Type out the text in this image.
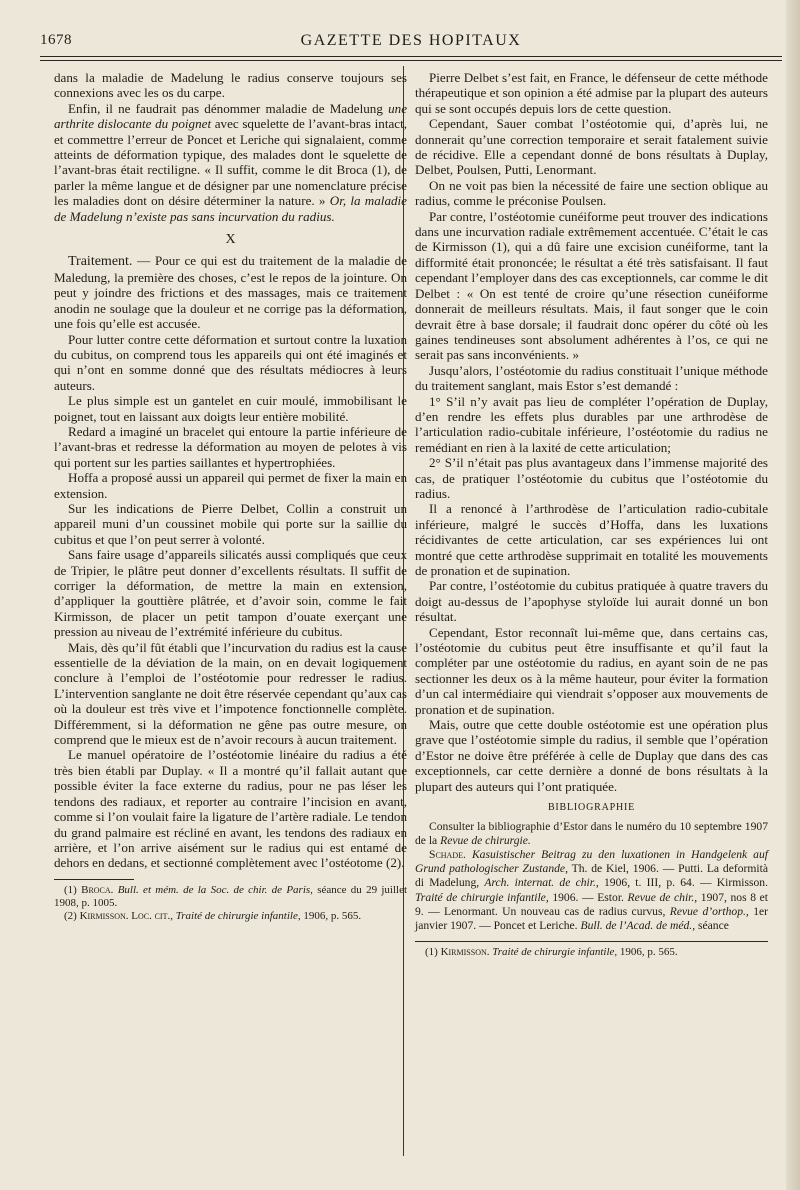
1678	GAZETTE DES HOPITAUX

dans la maladie de Madelung le radius conserve toujours ses connexions avec les os du carpe.

Enfin, il ne faudrait pas dénommer maladie de Madelung une arthrite dislocante du poignet avec squelette de l’avant-bras intact, et commettre l’erreur de Poncet et Leriche qui signalaient, comme atteints de déformation typique, des malades dont le squelette de l’avant-bras était rectiligne. « Il suffit, comme le dit Broca (1), de parler la même langue et de désigner par une nomenclature précise les maladies dont on désire déterminer la nature. » Or, la maladie de Madelung n’existe pas sans incurvation du radius.

X

Traitement. — Pour ce qui est du traitement de la maladie de Maledung, la première des choses, c’est le repos de la jointure. On peut y joindre des frictions et des massages, mais ce traitement anodin ne soulage que la douleur et ne corrige pas la déformation, une fois qu’elle est accusée.

Pour lutter contre cette déformation et surtout contre la luxation du cubitus, on comprend tous les appareils qui ont été imaginés et qui n’ont en somme donné que des résultats médiocres à leurs auteurs.

Le plus simple est un gantelet en cuir moulé, immobilisant le poignet, tout en laissant aux doigts leur entière mobilité.

Redard a imaginé un bracelet qui entoure la partie inférieure de l’avant-bras et redresse la déformation au moyen de pelotes à vis qui portent sur les parties saillantes et hypertrophiées.

Hoffa a proposé aussi un appareil qui permet de fixer la main en extension.

Sur les indications de Pierre Delbet, Collin a construit un appareil muni d’un coussinet mobile qui porte sur la saillie du cubitus et que l’on peut serrer à volonté.

Sans faire usage d’appareils silicatés aussi compliqués que ceux de Tripier, le plâtre peut donner d’excellents résultats. Il suffit de corriger la déformation, de mettre la main en extension, d’appliquer la gouttière plâtrée, et d’avoir soin, comme le fait Kirmisson, de placer un petit tampon d’ouate exerçant une pression au niveau de l’extrémité inférieure du cubitus.

Mais, dès qu’il fût établi que l’incurvation du radius est la cause essentielle de la déviation de la main, on en devait logiquement conclure à l’emploi de l’ostéotomie pour redresser le radius. L’intervention sanglante ne doit être réservée cependant qu’aux cas où la douleur est très vive et l’impotence fonctionnelle complète. Différemment, si la déformation ne gêne pas outre mesure, on comprend que le mieux est de n’avoir recours à aucun traitement.

Le manuel opératoire de l’ostéotomie linéaire du radius a été très bien établi par Duplay. « Il a montré qu’il fallait autant que possible éviter la face externe du radius, pour ne pas léser les tendons des radiaux, et reporter au contraire l’incision en avant, comme si l’on voulait faire la ligature de l’artère radiale. Le tendon du grand palmaire est récliné en avant, les tendons des radiaux en arrière, et l’on arrive aisément sur le radius qui est entamé de dehors en dedans, et sectionné complètement avec l’ostéotome (2).

(1) Broca. Bull. et mém. de la Soc. de chir. de Paris, séance du 29 juillet 1908, p. 1005.

(2) Kirmisson. Loc. cit., Traité de chirurgie infantile, 1906, p. 565.

Pierre Delbet s’est fait, en France, le défenseur de cette méthode thérapeutique et son opinion a été admise par la plupart des auteurs qui se sont occupés depuis lors de cette question.

Cependant, Sauer combat l’ostéotomie qui, d’après lui, ne donnerait qu’une correction temporaire et serait fatalement suivie de récidive. Elle a cependant donné de bons résultats à Duplay, Delbet, Poulsen, Putti, Lenormant.

On ne voit pas bien la nécessité de faire une section oblique au radius, comme le préconise Poulsen.

Par contre, l’ostéotomie cunéiforme peut trouver des indications dans une incurvation radiale extrêmement accentuée. C’était le cas de Kirmisson (1), qui a dû faire une excision cunéiforme, tant la difformité était prononcée; le résultat a été très satisfaisant. Il faut cependant l’employer dans des cas exceptionnels, car comme le dit Delbet : « On est tenté de croire qu’une résection cunéiforme donnerait de meilleurs résultats. Mais, il faut songer que le coin devrait être à base dorsale; il faudrait donc opérer du côté où les gaines tendineuses sont absolument adhérentes à l’os, ce qui ne serait pas sans inconvénients. »

Jusqu’alors, l’ostéotomie du radius constituait l’unique méthode du traitement sanglant, mais Estor s’est demandé :

1° S’il n’y avait pas lieu de compléter l’opération de Duplay, d’en rendre les effets plus durables par une arthrodèse de l’articulation radio-cubitale inférieure, l’ostéotomie du radius ne remédiant en rien à la laxité de cette articulation;

2° S’il n’était pas plus avantageux dans l’immense majorité des cas, de pratiquer l’ostéotomie du cubitus que l’ostéotomie du radius.

Il a renoncé à l’arthrodèse de l’articulation radio-cubitale inférieure, malgré le succès d’Hoffa, dans les luxations récidivantes de cette articulation, car ses expériences lui ont montré que cette arthrodèse supprimait en totalité les mouvements de pronation et de supination.

Par contre, l’ostéotomie du cubitus pratiquée à quatre travers du doigt au-dessus de l’apophyse styloïde lui aurait donné un bon résultat.

Cependant, Estor reconnaît lui-même que, dans certains cas, l’ostéotomie du cubitus peut être insuffisante et qu’il faut la compléter par une ostéotomie du radius, en ayant soin de ne pas sectionner les deux os à la même hauteur, pour éviter la formation d’un cal intermédiaire qui viendrait s’opposer aux mouvements de pronation et de supination.

Mais, outre que cette double ostéotomie est une opération plus grave que l’ostéotomie simple du radius, il semble que l’opération d’Estor ne doive être préférée à celle de Duplay que dans des cas exceptionnels, car cette dernière a donné de bons résultats à la plupart des auteurs qui l’ont pratiquée.

BIBLIOGRAPHIE

Consulter la bibliographie d’Estor dans le numéro du 10 septembre 1907 de la Revue de chirurgie.

Schade. Kasuistischer Beitrag zu den luxationen in Handgelenk auf Grund pathologischer Zustande, Th. de Kiel, 1906. — Putti. La deformità di Madelung, Arch. internat. de chir., 1906, t. III, p. 64. — Kirmisson. Traité de chirurgie infantile, 1906. — Estor. Revue de chir., 1907, nos 8 et 9. — Lenormant. Un nouveau cas de radius curvus, Revue d’orthop., 1er janvier 1907. — Poncet et Leriche. Bull. de l’Acad. de méd., séance

(1) Kirmisson. Traité de chirurgie infantile, 1906, p. 565.
